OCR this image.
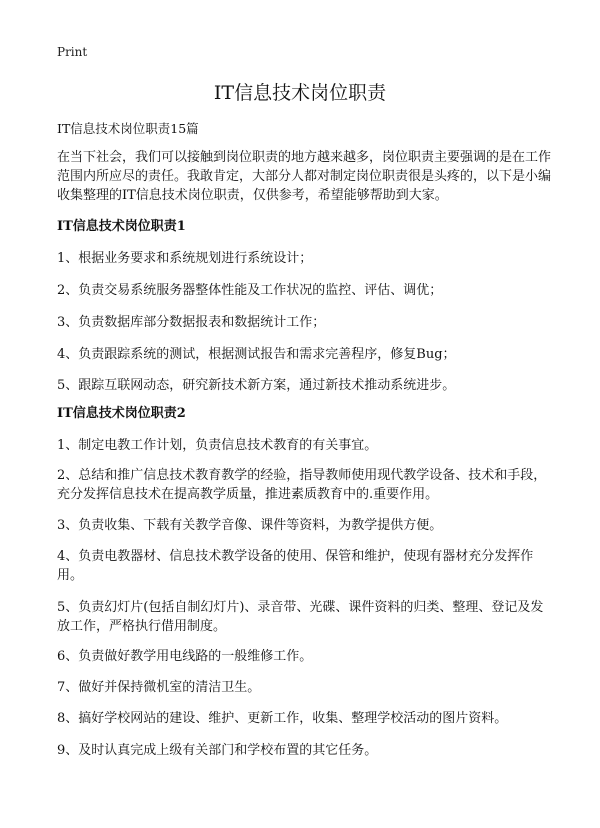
Print
IT信息技术岗位职责
IT信息技术岗位职责15篇

在当下社会，我们可以接触到岗位职责的地方越来越多，岗位职责主要强调的是在工作范围内所应尽的责任。我敢肯定，大部分人都对制定岗位职责很是头疼的，以下是小编收集整理的IT信息技术岗位职责，仅供参考，希望能够帮助到大家。

IT信息技术岗位职责1

1、根据业务要求和系统规划进行系统设计；

2、负责交易系统服务器整体性能及工作状况的监控、评估、调优；

3、负责数据库部分数据报表和数据统计工作；

4、负责跟踪系统的测试，根据测试报告和需求完善程序，修复Bug；

5、跟踪互联网动态，研究新技术新方案，通过新技术推动系统进步。

IT信息技术岗位职责2

1、制定电教工作计划，负责信息技术教育的有关事宜。

2、总结和推广信息技术教育教学的经验，指导教师使用现代教学设备、技术和手段，充分发挥信息技术在提高教学质量，推进素质教育中的.重要作用。

3、负责收集、下载有关教学音像、课件等资料，为教学提供方便。

4、负责电教器材、信息技术教学设备的使用、保管和维护，使现有器材充分发挥作用。

5、负责幻灯片(包括自制幻灯片)、录音带、光碟、课件资料的归类、整理、登记及发放工作，严格执行借用制度。

6、负责做好教学用电线路的一般维修工作。

7、做好并保持微机室的清洁卫生。

8、搞好学校网站的建设、维护、更新工作，收集、整理学校活动的图片资料。

9、及时认真完成上级有关部门和学校布置的其它任务。
